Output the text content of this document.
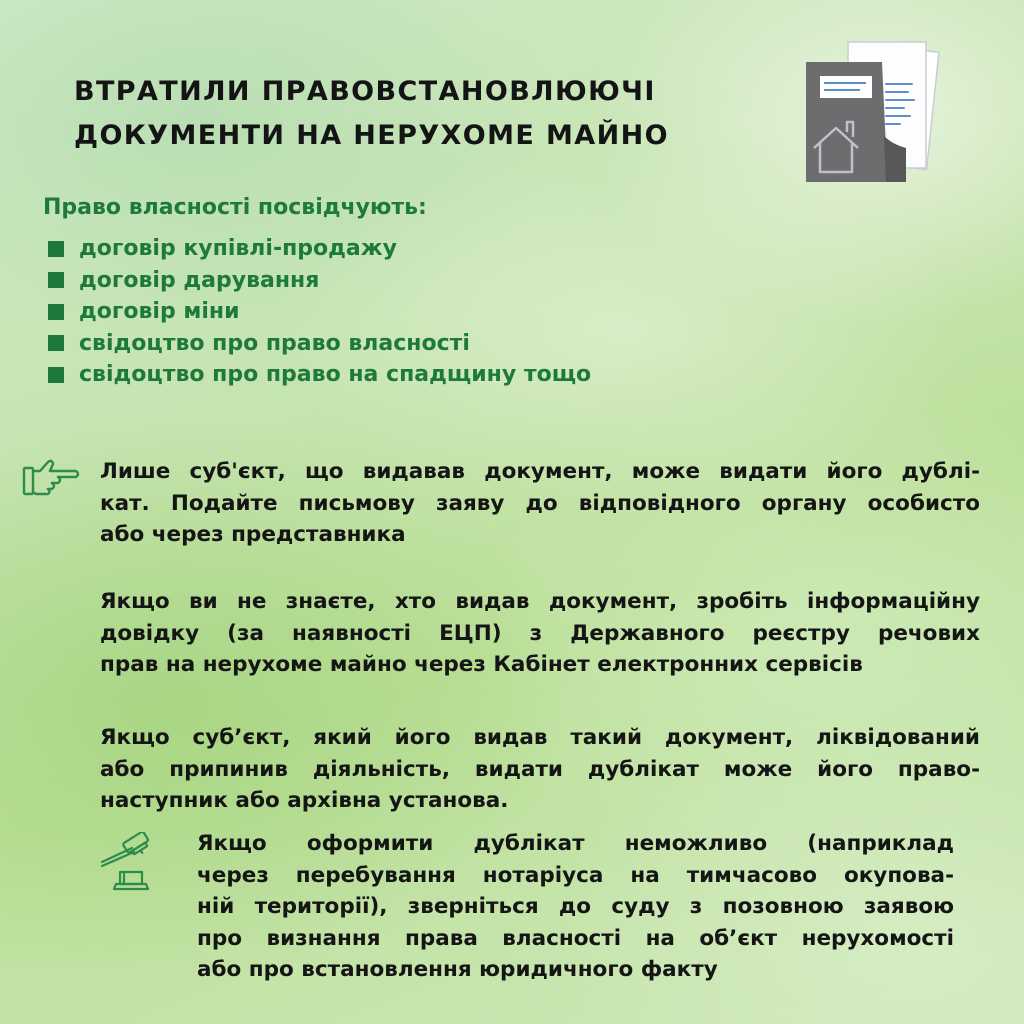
ВТРАТИЛИ ПРАВОВСТАНОВЛЮЮЧІ
ДОКУМЕНТИ НА НЕРУХОМЕ МАЙНО

Право власності посвідчують:

договір купівлі-продажу
договір дарування
договір міни
свідоцтво про право власності
свідоцтво про право на спадщину тощо

Лише суб'єкт, що видавав документ, може видати його дублі-
кат. Подайте письмову заяву до відповідного органу особисто
або через представника

Якщо ви не знаєте, хто видав документ, зробіть інформаційну
довідку (за наявності ЕЦП) з Державного реєстру речових
прав на нерухоме майно через Кабінет електронних сервісів

Якщо суб’єкт, який його видав такий документ, ліквідований
або припинив діяльність, видати дублікат може його право-
наступник або архівна установа.

Якщо оформити дублікат неможливо (наприклад
через перебування нотаріуса на тимчасово окупова-
ній території), зверніться до суду з позовною заявою
про визнання права власності на об’єкт нерухомості
або про встановлення юридичного факту
